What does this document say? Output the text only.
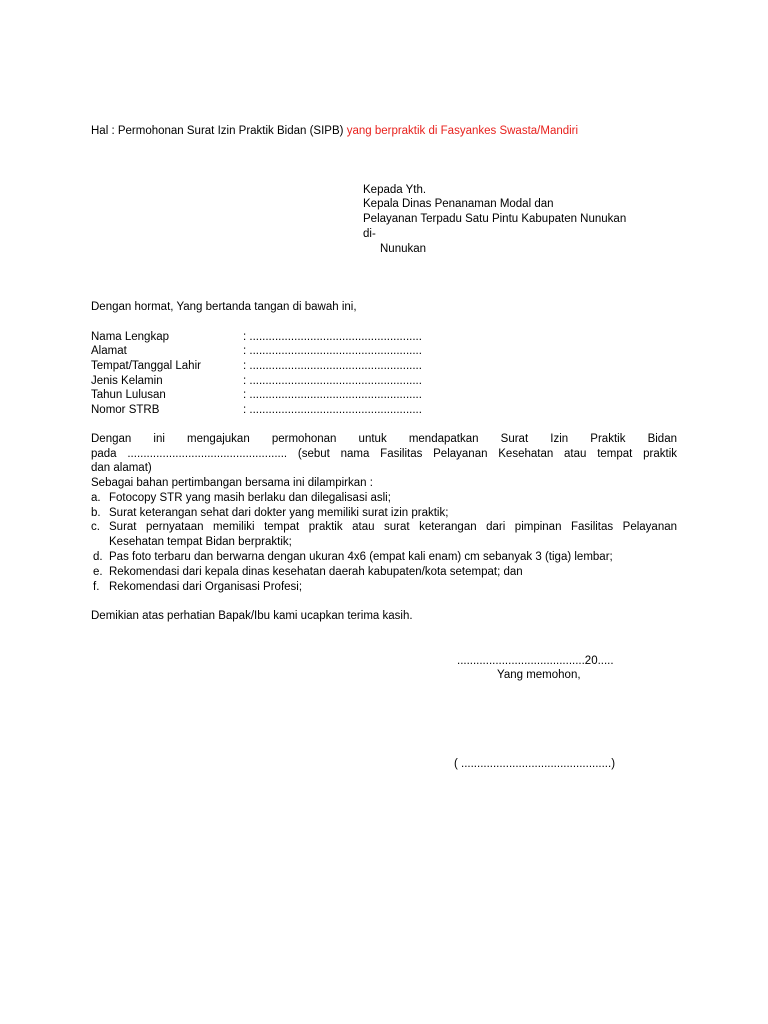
Hal : Permohonan Surat Izin Praktik Bidan (SIPB) yang berpraktik di Fasyankes Swasta/Mandiri
Kepada Yth.
Kepala Dinas Penanaman Modal dan
Pelayanan Terpadu Satu Pintu Kabupaten Nunukan
di-
Nunukan
Dengan hormat, Yang bertanda tangan di bawah ini,
Nama Lengkap	: ......................................................
Alamat	: ......................................................
Tempat/Tanggal Lahir	: ......................................................
Jenis Kelamin	: ......................................................
Tahun Lulusan	: ......................................................
Nomor STRB	: ......................................................
Dengan ini mengajukan permohonan untuk mendapatkan Surat Izin Praktik Bidan
pada .................................................. (sebut nama Fasilitas Pelayanan Kesehatan atau tempat praktik
dan alamat)
Sebagai bahan pertimbangan bersama ini dilampirkan :
a. Fotocopy STR yang masih berlaku dan dilegalisasi asli;
b. Surat keterangan sehat dari dokter yang memiliki surat izin praktik;
c. Surat pernyataan memiliki tempat praktik atau surat keterangan dari pimpinan Fasilitas Pelayanan
Kesehatan tempat Bidan berpraktik;
d. Pas foto terbaru dan berwarna dengan ukuran 4x6 (empat kali enam) cm sebanyak 3 (tiga) lembar;
e. Rekomendasi dari kepala dinas kesehatan daerah kabupaten/kota setempat; dan
f. Rekomendasi dari Organisasi Profesi;
Demikian atas perhatian Bapak/Ibu kami ucapkan terima kasih.
........................................20.....
Yang memohon,
( ...............................................)
